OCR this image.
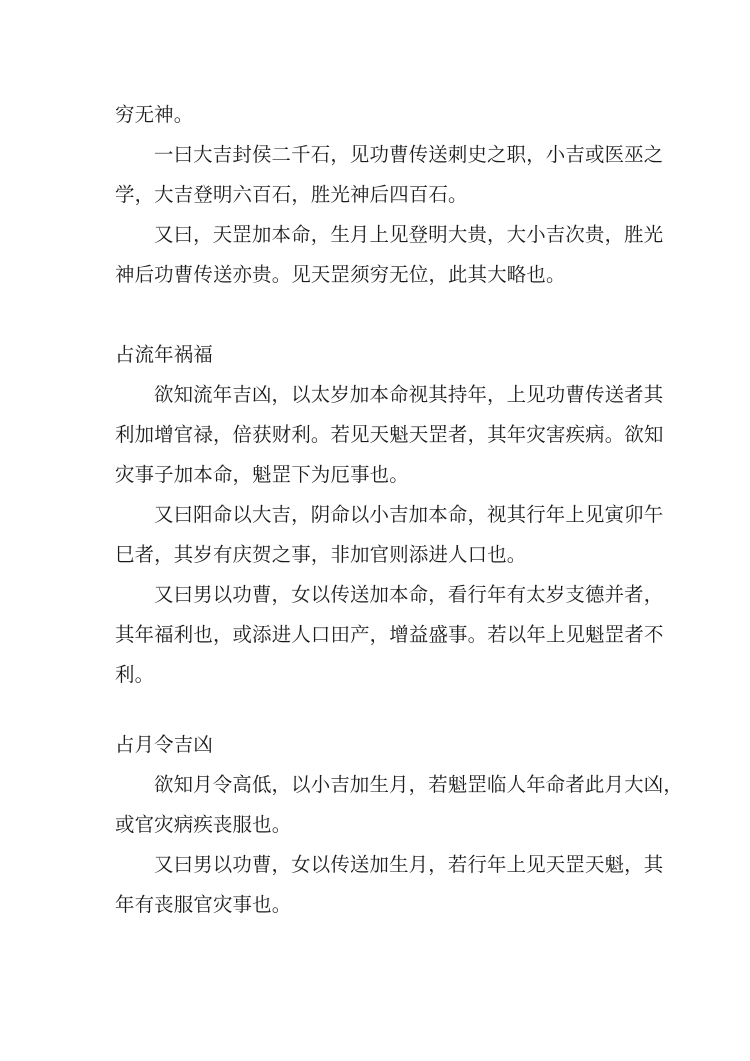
穷无神。
一曰大吉封侯二千石，见功曹传送刺史之职，小吉或医巫之
学，大吉登明六百石，胜光神后四百石。
又曰，天罡加本命，生月上见登明大贵，大小吉次贵，胜光
神后功曹传送亦贵。见天罡须穷无位，此其大略也。
占流年祸福
欲知流年吉凶，以太岁加本命视其持年，上见功曹传送者其
利加增官禄，倍获财利。若见天魁天罡者，其年灾害疾病。欲知
灾事子加本命，魁罡下为厄事也。
又曰阳命以大吉，阴命以小吉加本命，视其行年上见寅卯午
巳者，其岁有庆贺之事，非加官则添进人口也。
又曰男以功曹，女以传送加本命，看行年有太岁支德并者，
其年福利也，或添进人口田产，增益盛事。若以年上见魁罡者不
利。
占月令吉凶
欲知月令高低，以小吉加生月，若魁罡临人年命者此月大凶，
或官灾病疾丧服也。
又曰男以功曹，女以传送加生月，若行年上见天罡天魁，其
年有丧服官灾事也。
